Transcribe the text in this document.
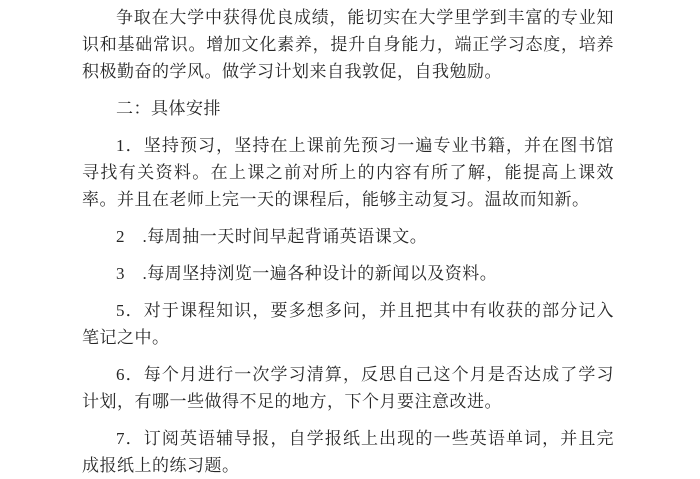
争取在大学中获得优良成绩，能切实在大学里学到丰富的专业知识和基础常识。增加文化素养，提升自身能力，端正学习态度，培养积极勤奋的学风。做学习计划来自我敦促，自我勉励。

二：具体安排

1．坚持预习，坚持在上课前先预习一遍专业书籍，并在图书馆寻找有关资料。在上课之前对所上的内容有所了解，能提高上课效率。并且在老师上完一天的课程后，能够主动复习。温故而知新。

2　.每周抽一天时间早起背诵英语课文。

3　.每周坚持浏览一遍各种设计的新闻以及资料。

5．对于课程知识，要多想多问，并且把其中有收获的部分记入笔记之中。

6．每个月进行一次学习清算，反思自己这个月是否达成了学习计划，有哪一些做得不足的地方，下个月要注意改进。

7．订阅英语辅导报，自学报纸上出现的一些英语单词，并且完成报纸上的练习题。
